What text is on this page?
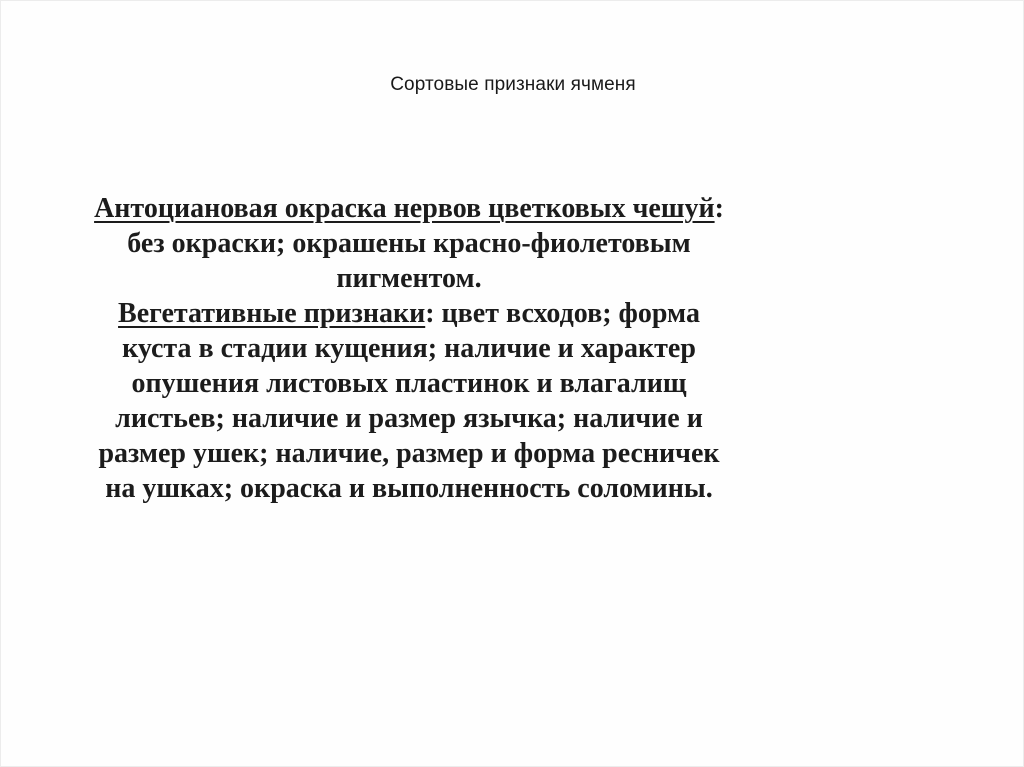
Сортовые признаки ячменя

Антоциановая окраска нервов цветковых чешуй: без окраски; окрашены красно-фиолетовым пигментом.

Вегетативные признаки: цвет всходов; форма куста в стадии кущения; наличие и характер опушения листовых пластинок и влагалищ листьев; наличие и размер язычка; наличие и размер ушек; наличие, размер и форма ресничек на ушках; окраска и выполненность соломины.
